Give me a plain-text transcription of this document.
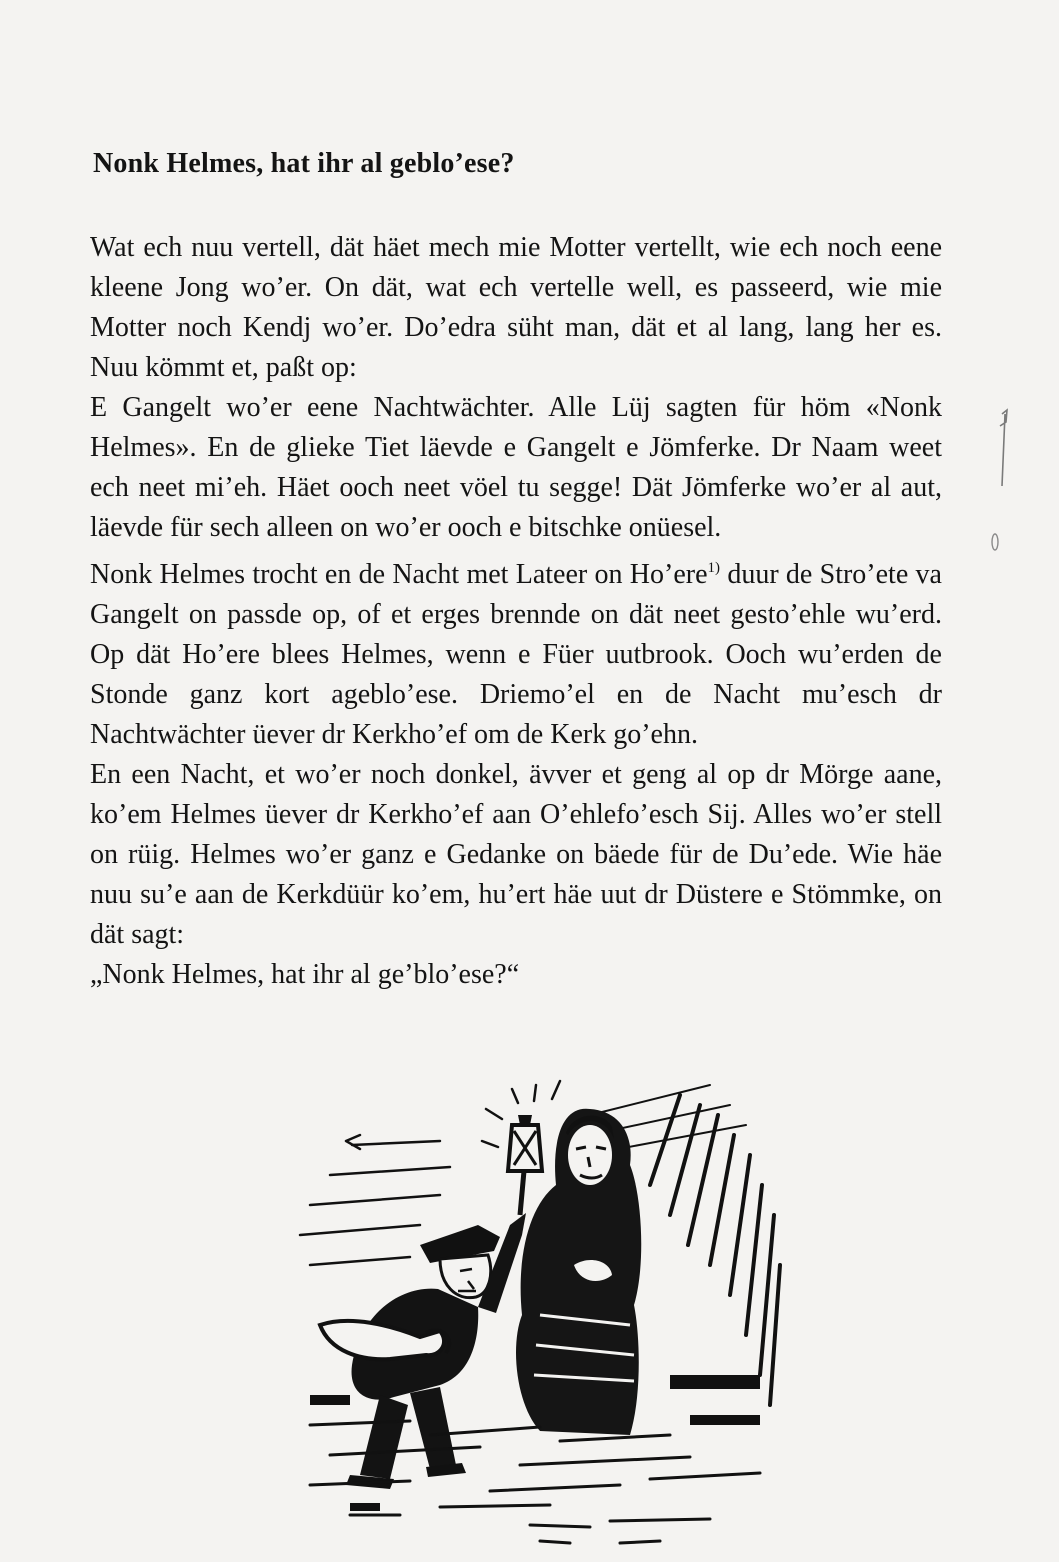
Nonk Helmes, hat ihr al geblo’ese?

Wat ech nuu vertell, dät häet mech mie Motter vertellt, wie ech noch eene kleene Jong wo’er. On dät, wat ech vertelle well, es passeerd, wie mie Motter noch Kendj wo’er. Do’edra süht man, dät et al lang, lang her es. Nuu kömmt et, paßt op:

E Gangelt wo’er eene Nachtwächter. Alle Lüj sagten für höm «Nonk Helmes». En de glieke Tiet läevde e Gangelt e Jömferke. Dr Naam weet ech neet mi’eh. Häet ooch neet vöel tu segge! Dät Jömferke wo’er al aut, läevde für sech alleen on wo’er ooch e bitschke onüesel.

Nonk Helmes trocht en de Nacht met Lateer on Ho’ere$^{1)}$ duur de Stro’ete va Gangelt on passde op, of et erges brennde on dät neet gesto’ehle wu’erd. Op dät Ho’ere blees Helmes, wenn e Füer uutbrook. Ooch wu’erden de Stonde ganz kort ageblo’ese. Driemo’el en de Nacht mu’esch dr Nachtwächter üever dr Kerkho’ef om de Kerk go’ehn.

En een Nacht, et wo’er noch donkel, ävver et geng al op dr Mörge aane, ko’em Helmes üever dr Kerkho’ef aan O’ehlefo’esch Sij. Alles wo’er stell on rüig. Helmes wo’er ganz e Gedanke on bäede für de Du’ede. Wie häe nuu su’e aan de Kerkdüür ko’em, hu’ert häe uut dr Düstere e Stömmke, on dät sagt:

„Nonk Helmes, hat ihr al ge’blo’ese?“
